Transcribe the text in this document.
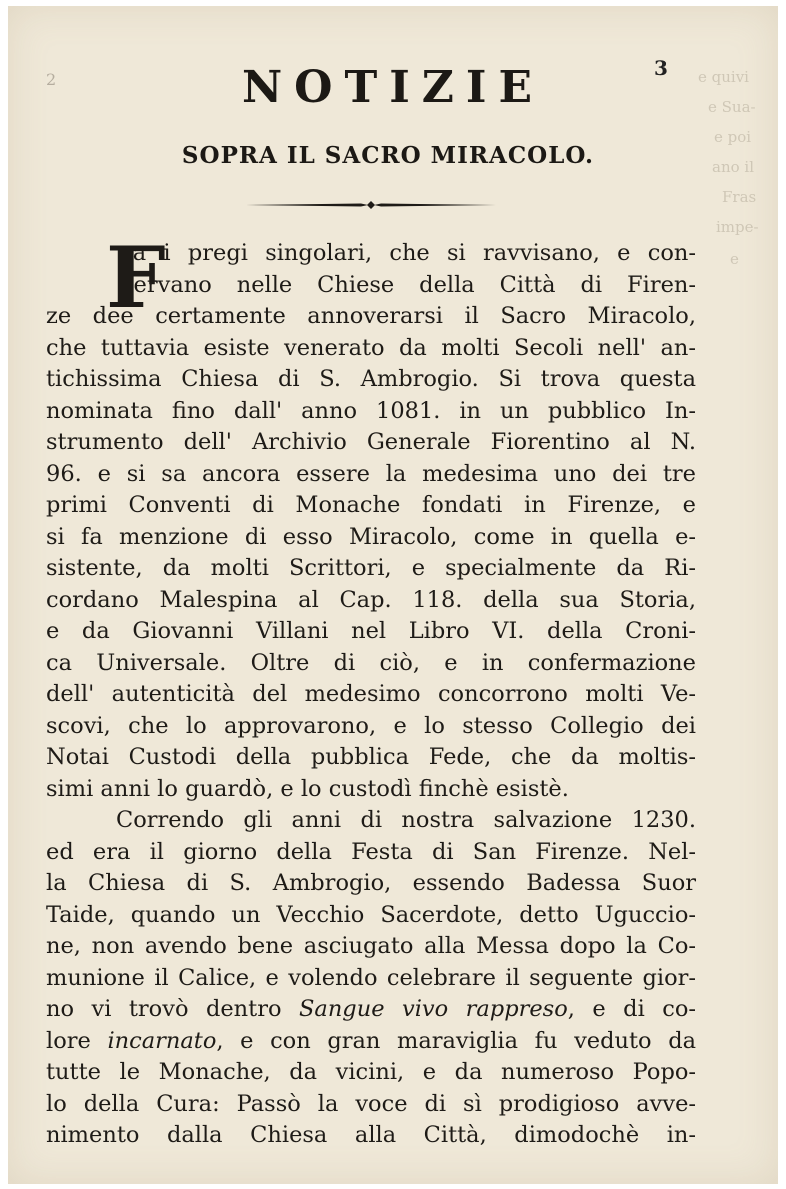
2	3 e quivi
e Sua-
e poi
ano il
Fras
impe-
e
NOTIZIE
SOPRA IL SACRO MIRACOLO.
F
ra i pregi singolari, che si ravvisano, e con-
servano nelle Chiese della Città di Firen-
ze dee certamente annoverarsi il Sacro Miracolo,
che tuttavia esiste venerato da molti Secoli nell' an-
tichissima Chiesa di S. Ambrogio. Si trova questa
nominata fino dall' anno 1081. in un pubblico In-
strumento dell' Archivio Generale Fiorentino al N.
96. e si sa ancora essere la medesima uno dei tre
primi Conventi di Monache fondati in Firenze, e
si fa menzione di esso Miracolo, come in quella e-
sistente, da molti Scrittori, e specialmente da Ri-
cordano Malespina al Cap. 118. della sua Storia,
e da Giovanni Villani nel Libro VI. della Croni-
ca Universale. Oltre di ciò, e in confermazione
dell' autenticità del medesimo concorrono molti Ve-
scovi, che lo approvarono, e lo stesso Collegio dei
Notai Custodi della pubblica Fede, che da moltis-
simi anni lo guardò, e lo custodì finchè esistè.
Correndo gli anni di nostra salvazione 1230.
ed era il giorno della Festa di San Firenze. Nel-
la Chiesa di S. Ambrogio, essendo Badessa Suor
Taide, quando un Vecchio Sacerdote, detto Uguccio-
ne, non avendo bene asciugato alla Messa dopo la Co-
munione il Calice, e volendo celebrare il seguente gior-
no vi trovò dentro Sangue vivo rappreso, e di co-
lore incarnato, e con gran maraviglia fu veduto da
tutte le Monache, da vicini, e da numeroso Popo-
lo della Cura: Passò la voce di sì prodigioso avve-
nimento dalla Chiesa alla Città, dimodochè in-
